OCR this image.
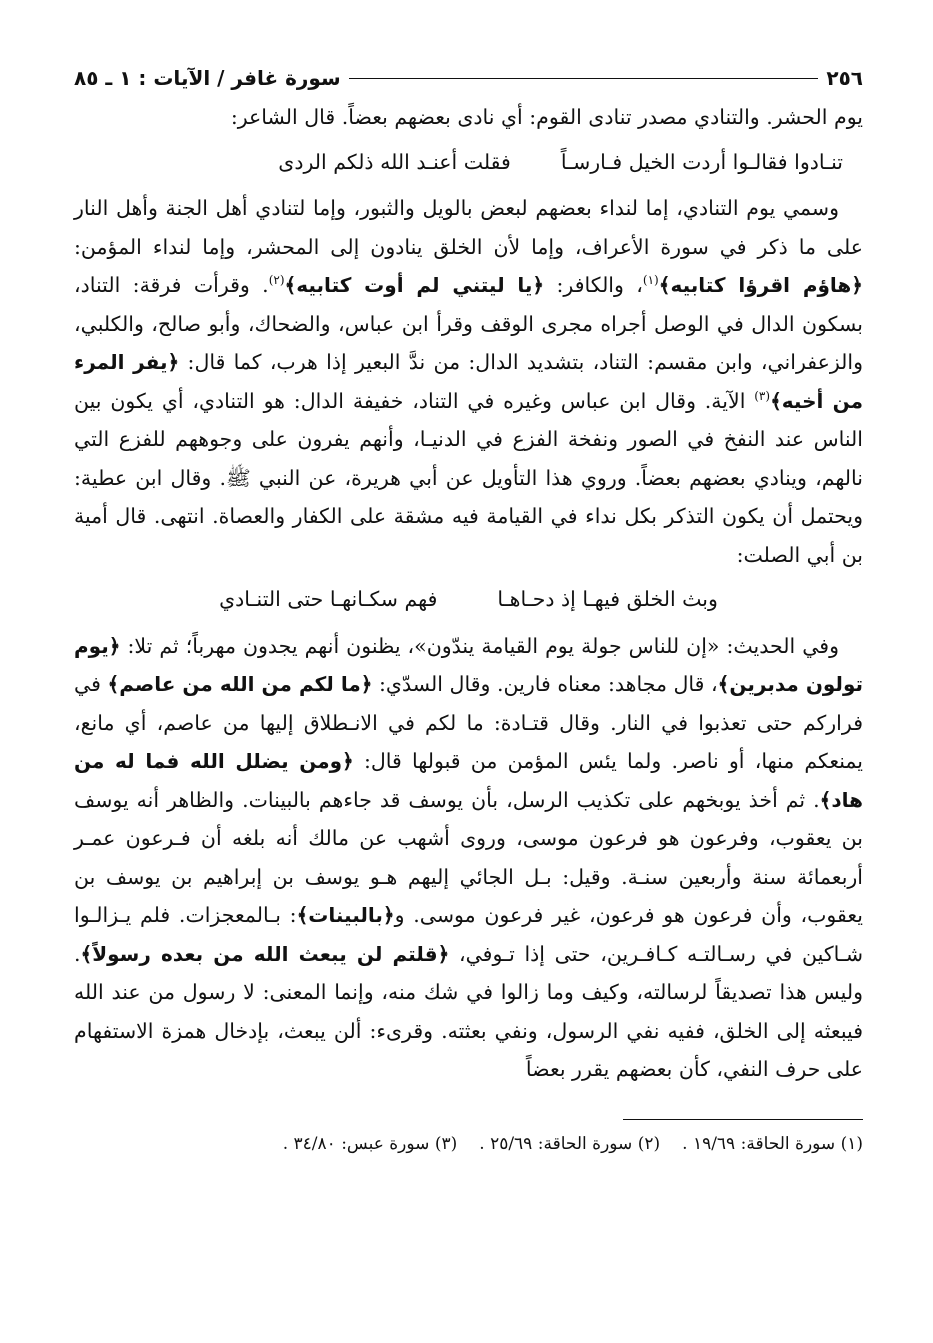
٢٥٦
سورة غافر / الآيات : ١ ـ ٨٥

يوم الحشر. والتنادي مصدر تنادى القوم: أي نادى بعضهم بعضاً. قال الشاعر:

تنـادوا فقالـوا أردت الخيل فـارسـاً
فقلت أعنـد الله ذلكم الردى

وسمي يوم التنادي، إما لنداء بعضهم لبعض بالويل والثبور، وإما لتنادي أهل الجنة وأهل النار على ما ذكر في سورة الأعراف، وإما لأن الخلق ينادون إلى المحشر، وإما لنداء المؤمن: ﴿هاؤم اقرؤا كتابيه﴾$^{(١)}$، والكافر: ﴿يا ليتني لم أوت كتابيه﴾$^{(٢)}$. وقرأت فرقة: التناد، بسكون الدال في الوصل أجراه مجرى الوقف وقرأ ابن عباس، والضحاك، وأبو صالح، والكلبي، والزعفراني، وابن مقسم: التناد، بتشديد الدال: من ندَّ البعير إذا هرب، كما قال: ﴿يفر المرء من أخيه﴾$^{(٣)}$ الآية. وقال ابن عباس وغيره في التناد، خفيفة الدال: هو التنادي، أي يكون بين الناس عند النفخ في الصور ونفخة الفزع في الدنيـا، وأنهم يفرون على وجوههم للفزع التي نالهم، وينادي بعضهم بعضاً. وروي هذا التأويل عن أبي هريرة، عن النبي ﷺ. وقال ابن عطية: ويحتمل أن يكون التذكر بكل نداء في القيامة فيه مشقة على الكفار والعصاة. انتهى. قال أمية بن أبي الصلت:

وبث الخلق فيهـا إذ دحـاهـا
فهم سكـانهـا حتى التنـادي

وفي الحديث: «إن للناس جولة يوم القيامة يندّون»، يظنون أنهم يجدون مهرباً؛ ثم تلا: ﴿يوم تولون مدبرين﴾، قال مجاهد: معناه فارين. وقال السدّي: ﴿ما لكم من الله من عاصم﴾ في فراركم حتى تعذبوا في النار. وقال قتـادة: ما لكم في الانـطلاق إليها من عاصم، أي مانع، يمنعكم منها، أو ناصر. ولما يئس المؤمن من قبولها قال: ﴿ومن يضلل الله فما له من هاد﴾. ثم أخذ يوبخهم على تكذيب الرسل، بأن يوسف قد جاءهم بالبينات. والظاهر أنه يوسف بن يعقوب، وفرعون هو فرعون موسى، وروى أشهب عن مالك أنه بلغه أن فـرعون عمـر أربعمائة سنة وأربعين سنـة. وقيل: بـل الجائي إليهم هـو يوسف بن إبراهيم بن يوسف بن يعقوب، وأن فرعون هو فرعون، غير فرعون موسى. و﴿بالبينات﴾: بـالمعجزات. فلم يـزالـوا شـاكين في رسـالتـه كـافـرين، حتى إذا تـوفي، ﴿قلتم لن يبعث الله من بعده رسولاً﴾. وليس هذا تصديقاً لرسالته، وكيف وما زالوا في شك منه، وإنما المعنى: لا رسول من عند الله فيبعثه إلى الخلق، ففيه نفي الرسول، ونفي بعثته. وقرىء: ألن يبعث، بإدخال همزة الاستفهام على حرف النفي، كأن بعضهم يقرر بعضاً

(١) سورة الحاقة: ١٩/٦٩ .
(٢) سورة الحاقة: ٢٥/٦٩ .
(٣) سورة عبس: ٣٤/٨٠ .
